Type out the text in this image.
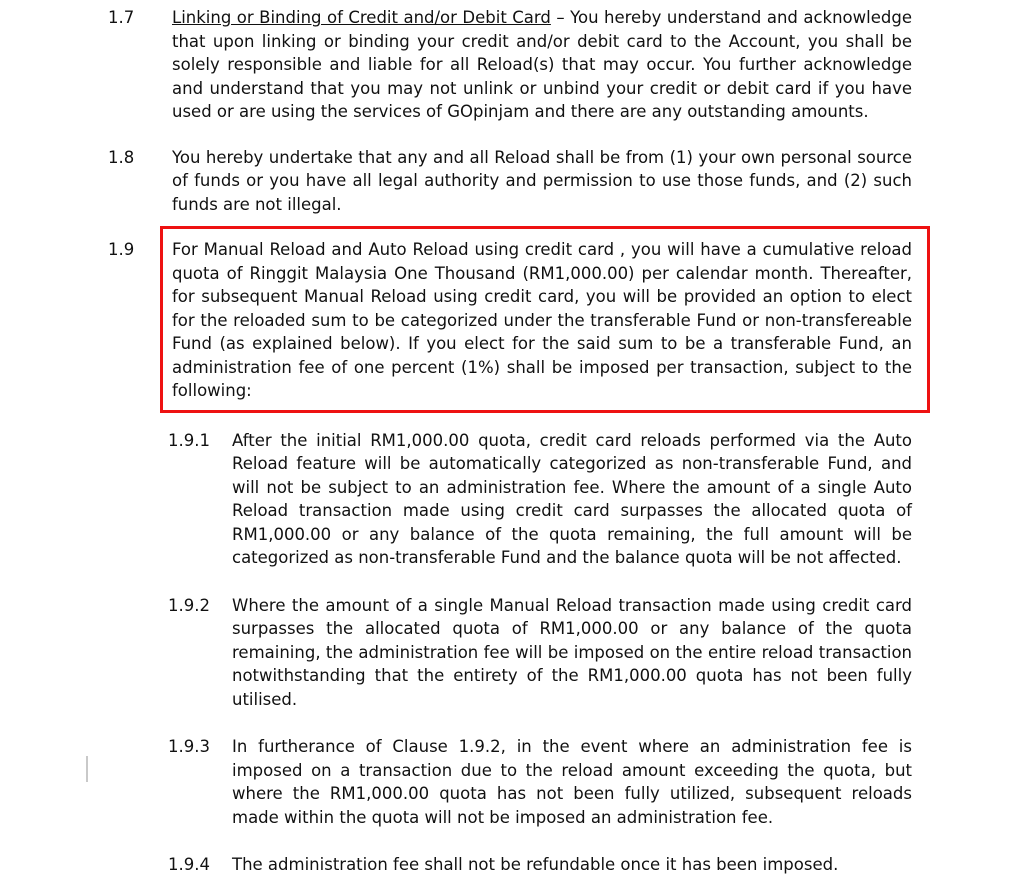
1.7	Linking or Binding of Credit and/or Debit Card – You hereby understand and acknowledge that upon linking or binding your credit and/or debit card to the Account, you shall be solely responsible and liable for all Reload(s) that may occur. You further acknowledge and understand that you may not unlink or unbind your credit or debit card if you have used or are using the services of GOpinjam and there are any outstanding amounts.
1.8	You hereby undertake that any and all Reload shall be from (1) your own personal source of funds or you have all legal authority and permission to use those funds, and (2) such funds are not illegal.
1.9	For Manual Reload and Auto Reload using credit card , you will have a cumulative reload quota of Ringgit Malaysia One Thousand (RM1,000.00) per calendar month. Thereafter, for subsequent Manual Reload using credit card, you will be provided an option to elect for the reloaded sum to be categorized under the transferable Fund or non-transfereable Fund (as explained below). If you elect for the said sum to be a transferable Fund, an administration fee of one percent (1%) shall be imposed per transaction, subject to the following:
1.9.1	After the initial RM1,000.00 quota, credit card reloads performed via the Auto Reload feature will be automatically categorized as non-transferable Fund, and will not be subject to an administration fee. Where the amount of a single Auto Reload transaction made using credit card surpasses the allocated quota of RM1,000.00 or any balance of the quota remaining, the full amount will be categorized as non-transferable Fund and the balance quota will be not affected.
1.9.2	Where the amount of a single Manual Reload transaction made using credit card surpasses the allocated quota of RM1,000.00 or any balance of the quota remaining, the administration fee will be imposed on the entire reload transaction notwithstanding that the entirety of the RM1,000.00 quota has not been fully utilised.
1.9.3	In furtherance of Clause 1.9.2, in the event where an administration fee is imposed on a transaction due to the reload amount exceeding the quota, but where the RM1,000.00 quota has not been fully utilized, subsequent reloads made within the quota will not be imposed an administration fee.
1.9.4	The administration fee shall not be refundable once it has been imposed.
